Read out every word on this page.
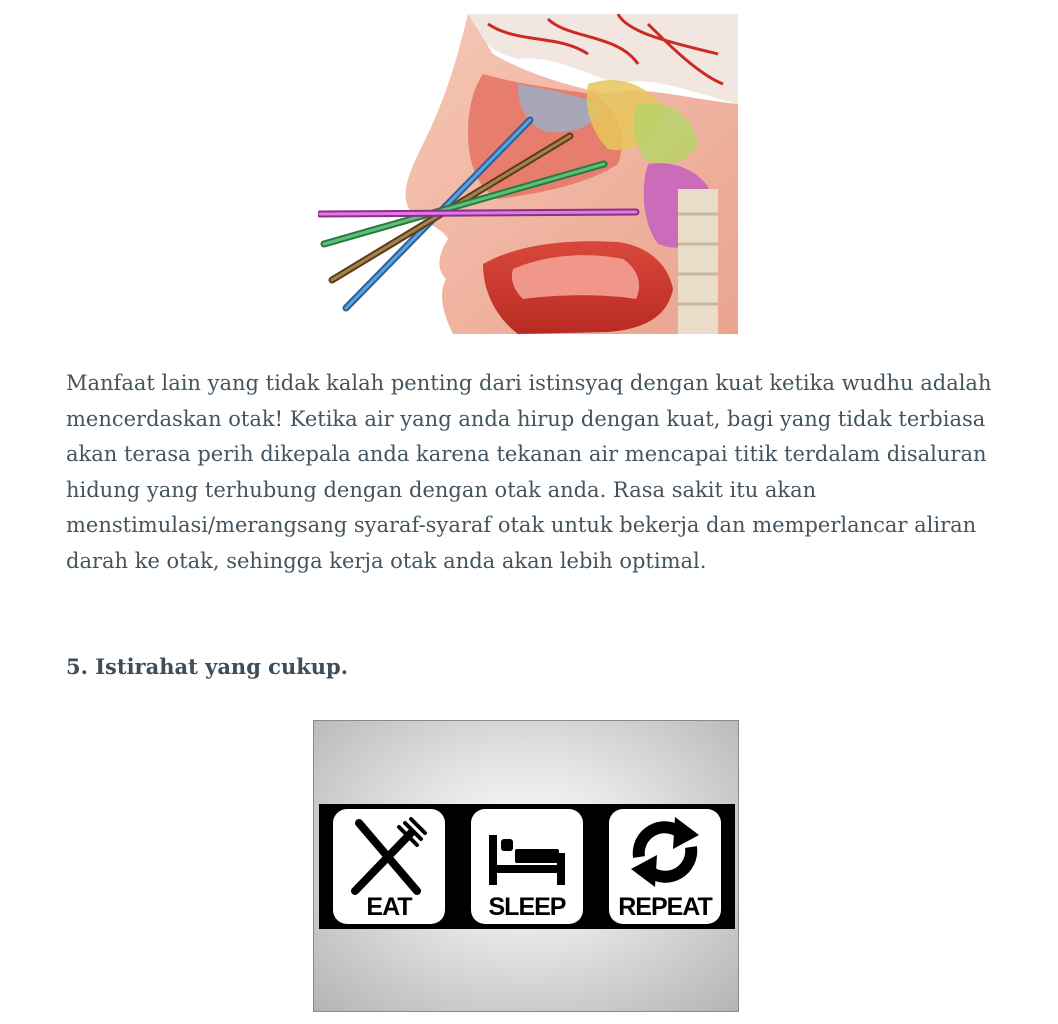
Manfaat lain yang tidak kalah penting dari istinsyaq dengan kuat ketika wudhu adalah mencerdaskan otak! Ketika air yang anda hirup dengan kuat, bagi yang tidak terbiasa akan terasa perih dikepala anda karena tekanan air mencapai titik terdalam disaluran hidung yang terhubung dengan dengan otak anda. Rasa sakit itu akan menstimulasi/merangsang syaraf-syaraf otak untuk bekerja dan memperlancar aliran darah ke otak, sehingga kerja otak anda akan lebih optimal.

5. Istirahat yang cukup.
EAT	SLEEP	REPEAT
